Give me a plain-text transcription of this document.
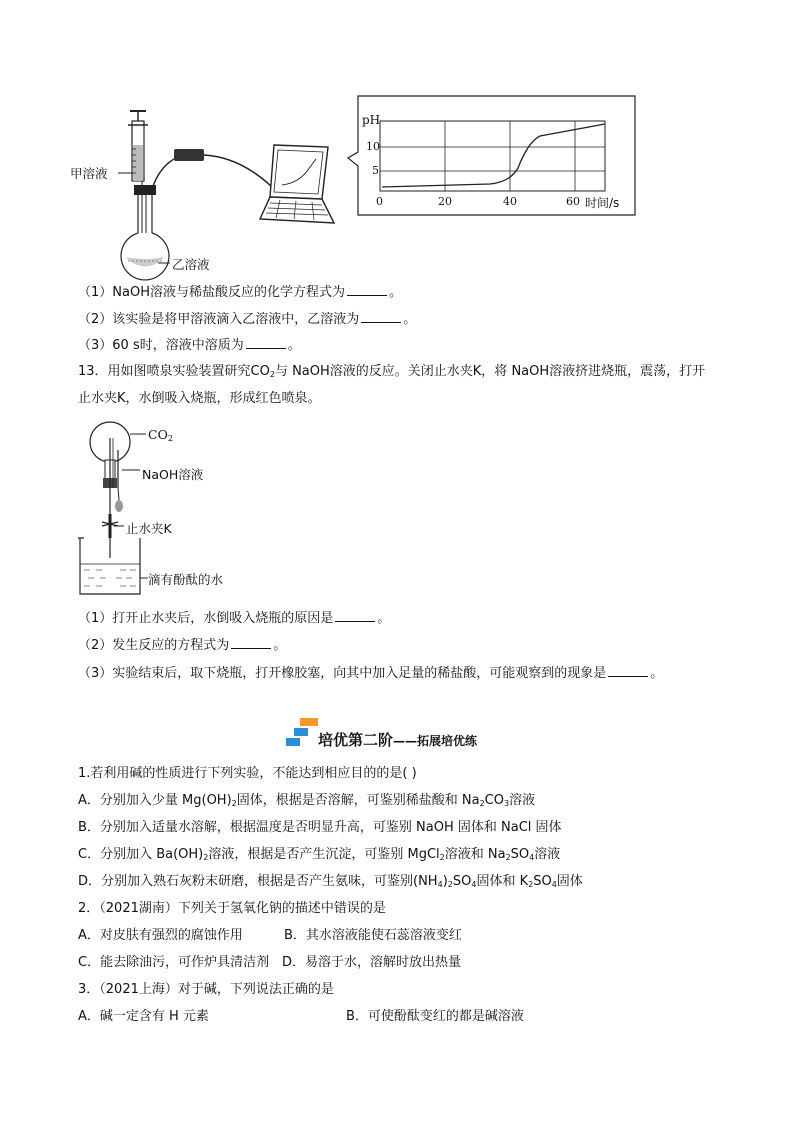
甲溶液
乙溶液
pH
10
5
0	20	40	60 时间/s
（1）NaOH溶液与稀盐酸反应的化学方程式为	。
（2）该实验是将甲溶液滴入乙溶液中，乙溶液为	。
（3）60 s时，溶液中溶质为	。
13．用如图喷泉实验装置研究$CO_2$与 NaOH溶液的反应。关闭止水夹K，将 NaOH溶液挤进烧瓶，震荡，打开
止水夹K，水倒吸入烧瓶，形成红色喷泉。
$CO_2$
NaOH溶液
止水夹K
滴有酚酞的水
（1）打开止水夹后，水倒吸入烧瓶的原因是	。
（2）发生反应的方程式为	。
（3）实验结束后，取下烧瓶，打开橡胶塞，向其中加入足量的稀盐酸，可能观察到的现象是	。
培优第二阶——拓展培优练
1.若利用碱的性质进行下列实验，不能达到相应目的的是( )
A．分别加入少量 $Mg(OH)_2$固体，根据是否溶解，可鉴别稀盐酸和 $Na_2CO_3$溶液
B．分别加入适量水溶解，根据温度是否明显升高，可鉴别 NaOH 固体和 NaCl 固体
C．分别加入 $Ba(OH)_2$溶液，根据是否产生沉淀，可鉴别 MgCl$_2$溶液和 $Na_2SO_4$溶液
D．分别加入熟石灰粉末研磨，根据是否产生氨味，可鉴别$(NH_4)_2SO_4$固体和 $K_2SO_4$固体
2．（2021湖南）下列关于氢氧化钠的描述中错误的是
A．对皮肤有强烈的腐蚀作用	B．其水溶液能使石蕊溶液变红
C．能去除油污，可作炉具清洁剂 D．易溶于水，溶解时放出热量
3．（2021上海）对于碱，下列说法正确的是
A．碱一定含有 H 元素	B．可使酚酞变红的都是碱溶液
